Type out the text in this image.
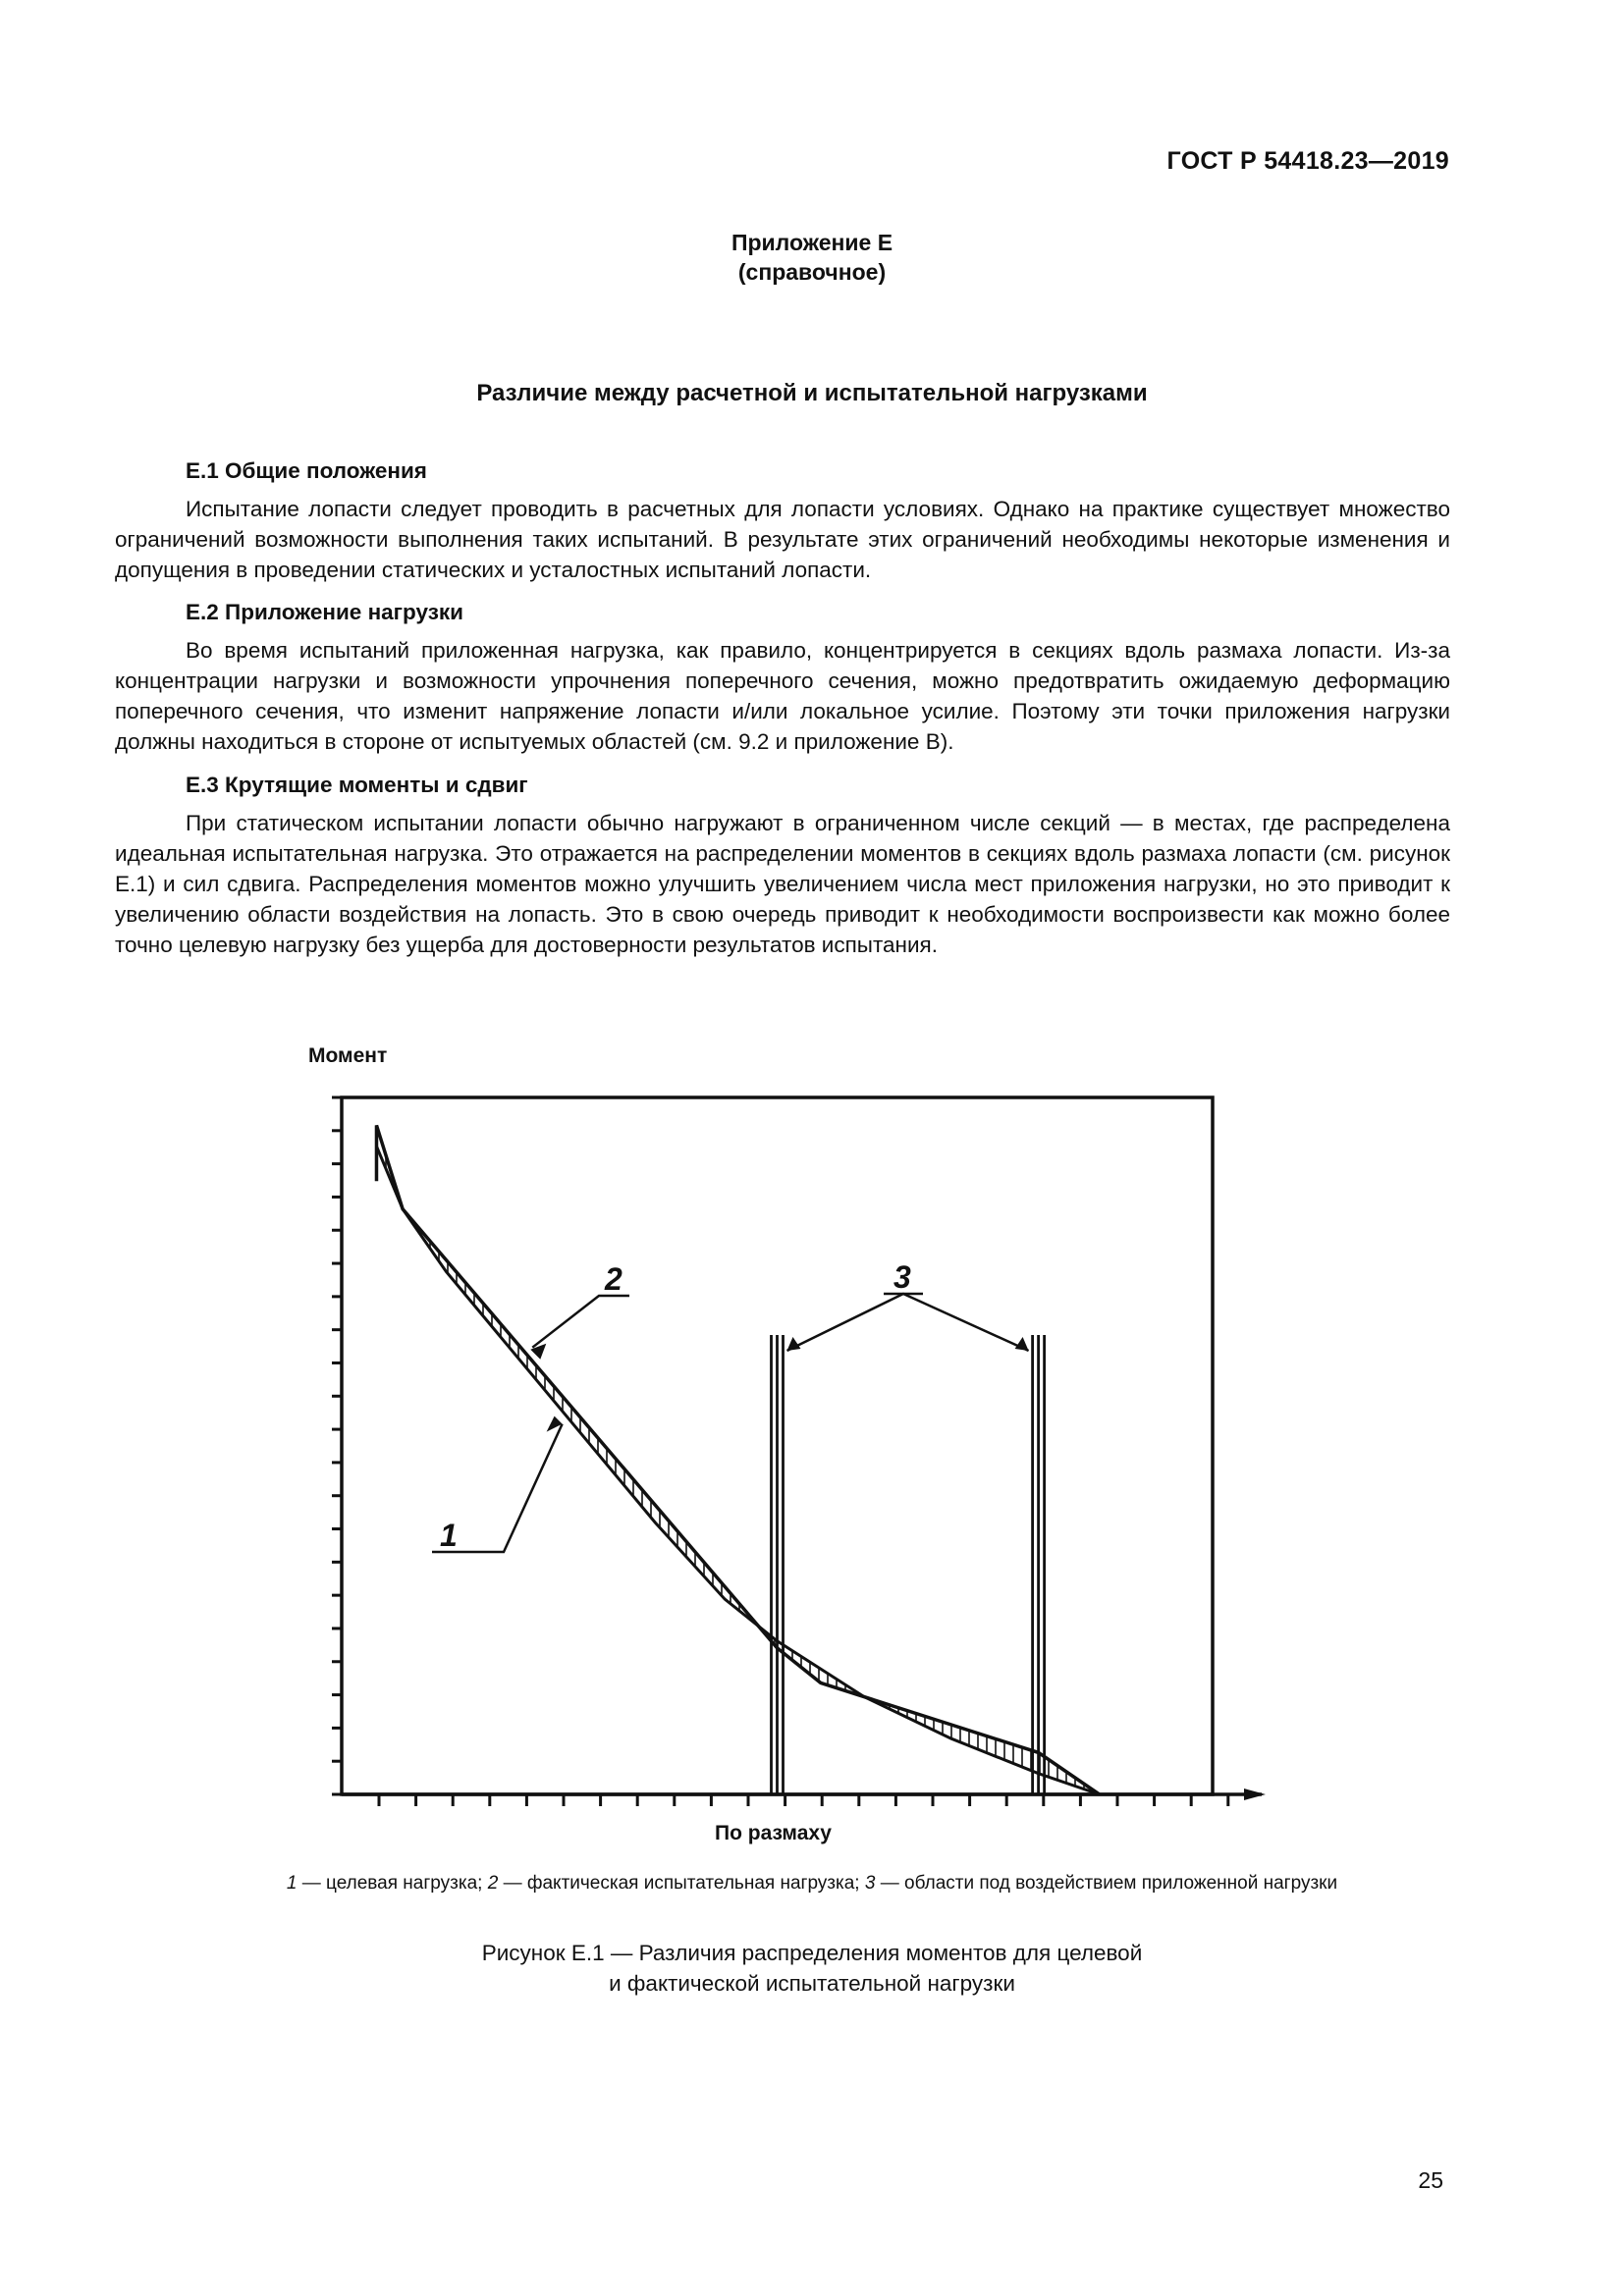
ГОСТ Р 54418.23—2019
Приложение Е
(справочное)
Различие между расчетной и испытательной нагрузками
Е.1 Общие положения

Испытание лопасти следует проводить в расчетных для лопасти условиях. Однако на практике существует множество ограничений возможности выполнения таких испытаний. В результате этих ограничений необходимы некоторые изменения и допущения в проведении статических и усталостных испытаний лопасти.

Е.2 Приложение нагрузки

Во время испытаний приложенная нагрузка, как правило, концентрируется в секциях вдоль размаха лопасти. Из-за концентрации нагрузки и возможности упрочнения поперечного сечения, можно предотвратить ожидаемую деформацию поперечного сечения, что изменит напряжение лопасти и/или локальное усилие. Поэтому эти точки приложения нагрузки должны находиться в стороне от испытуемых областей (см. 9.2 и приложение В).

Е.3 Крутящие моменты и сдвиг

При статическом испытании лопасти обычно нагружают в ограниченном числе секций — в местах, где распределена идеальная испытательная нагрузка. Это отражается на распределении моментов в секциях вдоль размаха лопасти (см. рисунок Е.1) и сил сдвига. Распределения моментов можно улучшить увеличением числа мест приложения нагрузки, но это приводит к увеличению области воздействия на лопасть. Это в свою очередь приводит к необходимости воспроизвести как можно более точно целевую нагрузку без ущерба для достоверности результатов испытания.

Момент
По размаху
1
2	3
1 — целевая нагрузка; 2 — фактическая испытательная нагрузка; 3 — области под воздействием приложенной нагрузки
Рисунок Е.1 — Различия распределения моментов для целевой
и фактической испытательной нагрузки
25
